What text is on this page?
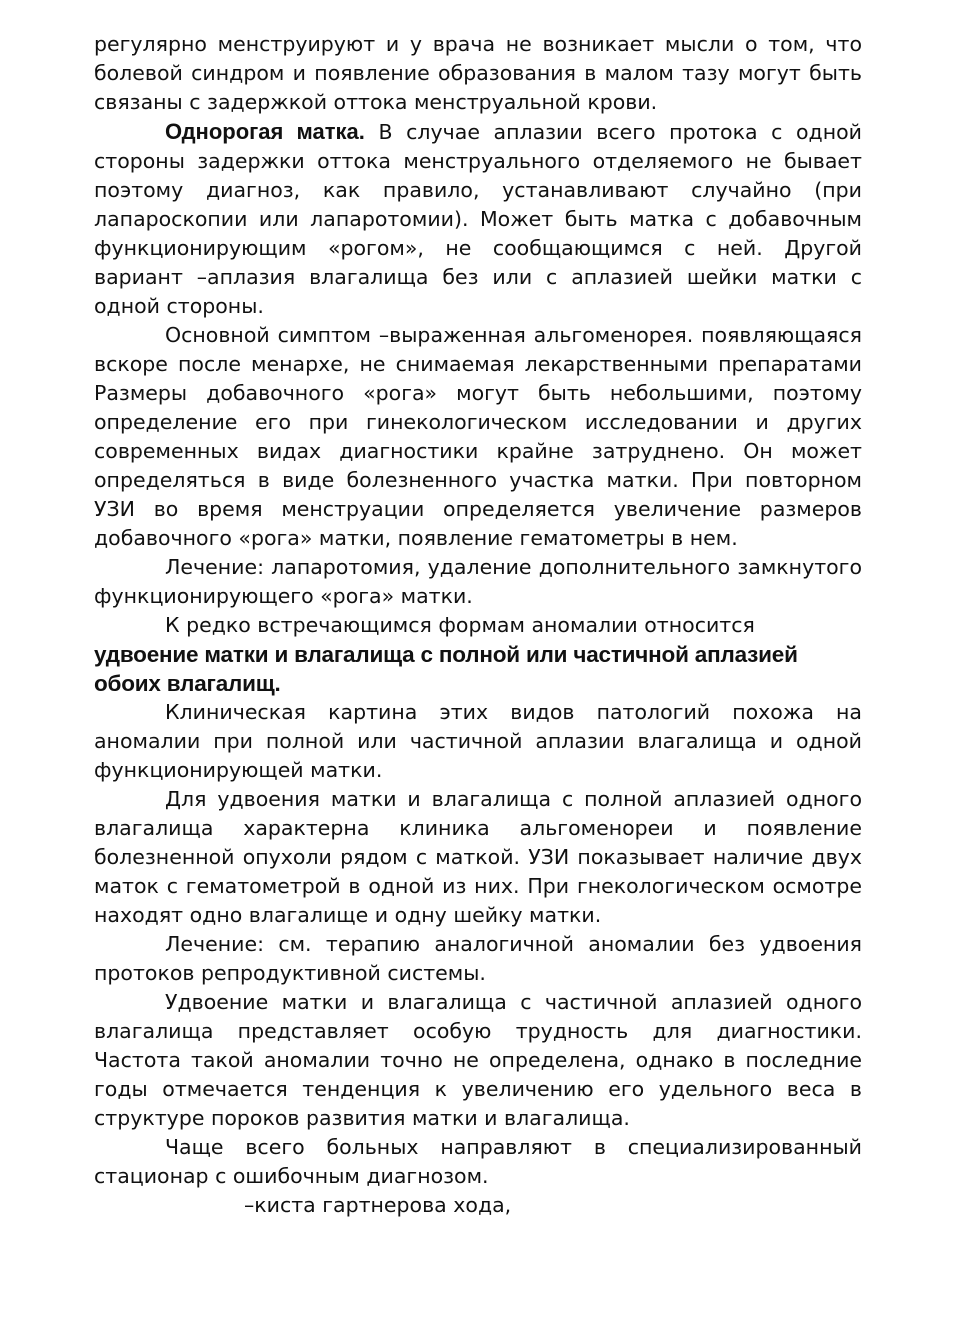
регулярно менструируют и у врача не возникает мысли о том, что болевой синдром и появление образования в малом тазу могут быть связаны с задержкой оттока менструальной крови.

Однорогая матка. В случае аплазии всего протока с одной стороны задержки оттока менструального отделяемого не бывает поэтому диагноз, как правило, устанавливают случайно (при лапароскопии или лапаротомии). Может быть матка с добавочным функционирующим «рогом», не сообщающимся с ней. Другой вариант –аплазия влагалища без или с аплазией шейки матки с одной стороны.

Основной симптом –выраженная альгоменорея. появляющаяся вскоре после менархе, не снимаемая лекарственными препаратами Размеры добавочного «рога» могут быть небольшими, поэтому определение его при гинекологическом исследовании и других современных видах диагностики крайне затруднено. Он может определяться в виде болезненного участка матки. При повторном УЗИ во время менструации определяется увеличение размеров добавочного «рога» матки, появление гематометры в нем.

Лечение: лапаротомия, удаление дополнительного замкнутого функционирующего «рога» матки.

К редко встречающимся формам аномалии относится

удвоение матки и влагалища с полной или частичной аплазией обоих влагалищ.

Клиническая картина этих видов патологий похожа на аномалии при полной или частичной аплазии влагалища и одной функционирующей матки.

Для удвоения матки и влагалища с полной аплазией одного влагалища характерна клиника альгоменореи и появление болезненной опухоли рядом с маткой. УЗИ показывает наличие двух маток с гематометрой в одной из них. При гнекологическом осмотре находят одно влагалище и одну шейку матки.

Лечение: см. терапию аналогичной аномалии без удвоения протоков репродуктивной системы.

Удвоение матки и влагалища с частичной аплазией одного влагалища представляет особую трудность для диагностики. Частота такой аномалии точно не определена, однако в последние годы отмечается тенденция к увеличению его удельного веса в структуре пороков развития матки и влагалища.

Чаще всего больных направляют в специализированный стационар с ошибочным диагнозом.

–киста гартнерова хода,
